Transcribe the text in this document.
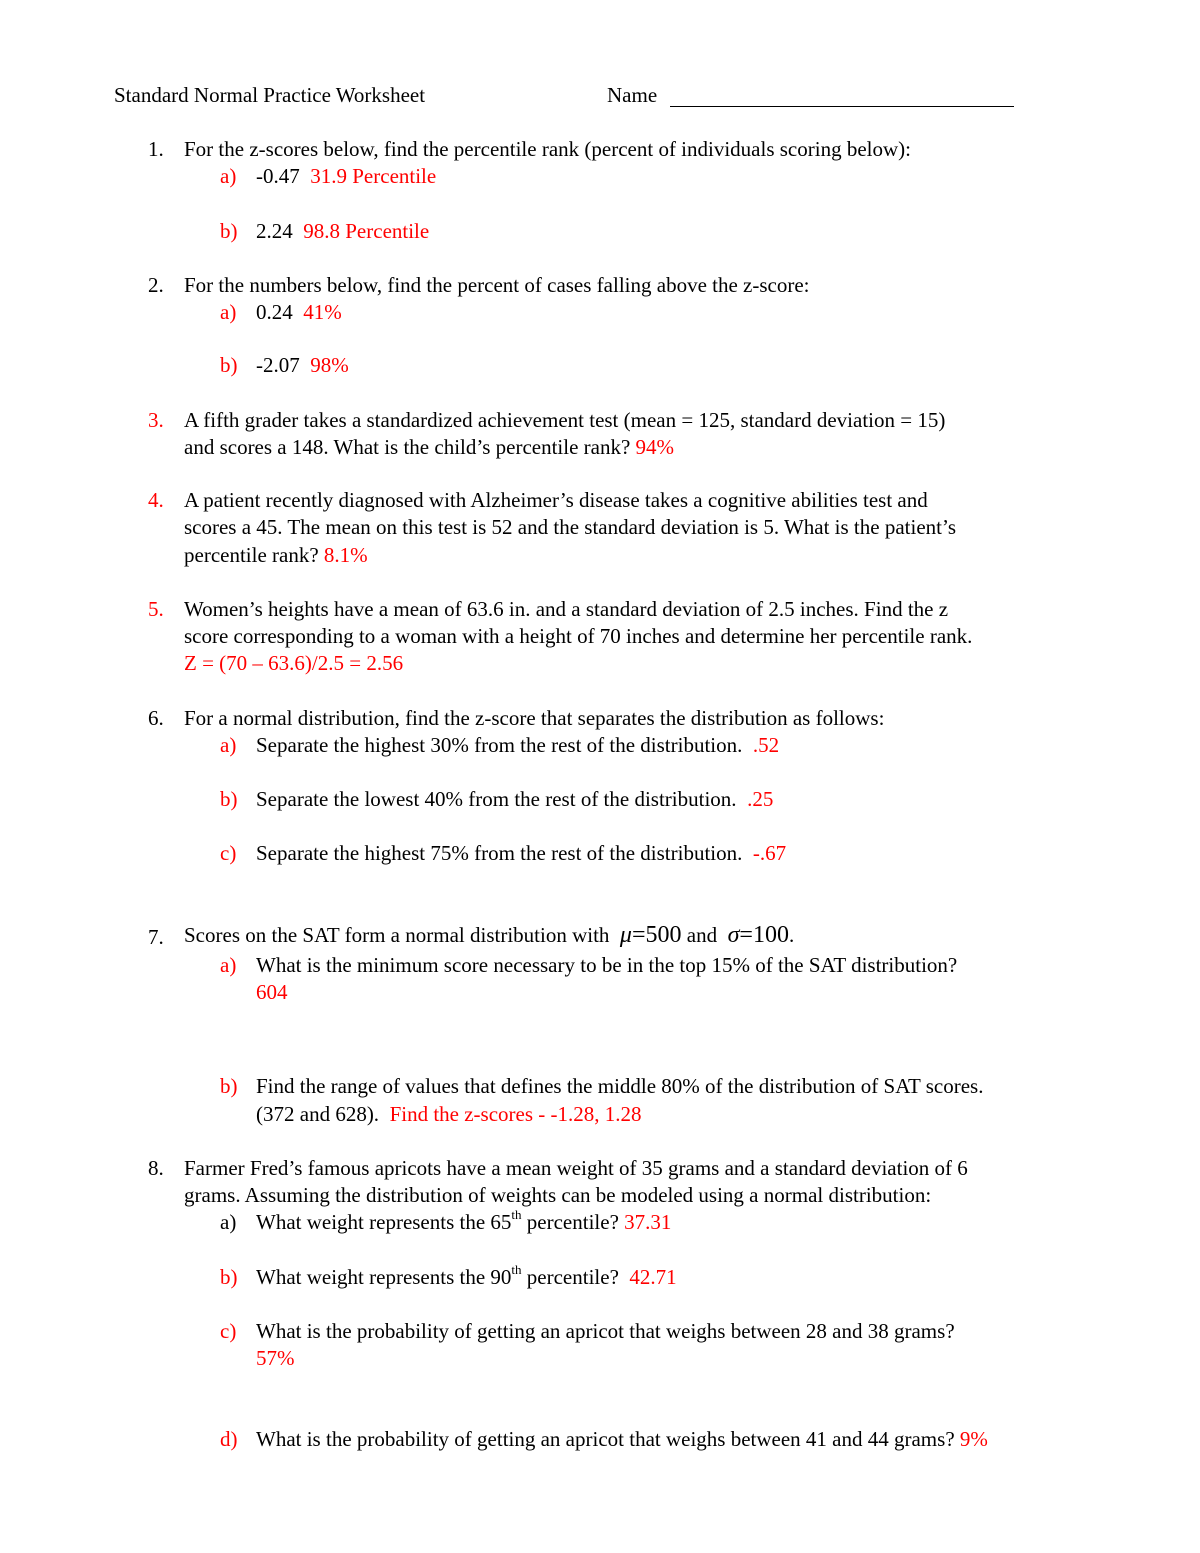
Standard Normal Practice Worksheet	Name
1. For the z-scores below, find the percentile rank (percent of individuals scoring below):
a) -0.47 31.9 Percentile
b) 2.24 98.8 Percentile
2. For the numbers below, find the percent of cases falling above the z-score:
a) 0.24 41%
b) -2.07 98%
3. A fifth grader takes a standardized achievement test (mean = 125, standard deviation = 15)
and scores a 148. What is the child’s percentile rank? 94%
4. A patient recently diagnosed with Alzheimer’s disease takes a cognitive abilities test and
scores a 45. The mean on this test is 52 and the standard deviation is 5. What is the patient’s
percentile rank? 8.1%
5. Women’s heights have a mean of 63.6 in. and a standard deviation of 2.5 inches. Find the z
score corresponding to a woman with a height of 70 inches and determine her percentile rank.
Z = (70 – 63.6)/2.5 = 2.56
6. For a normal distribution, find the z-score that separates the distribution as follows:
a) Separate the highest 30% from the rest of the distribution. .52
b) Separate the lowest 40% from the rest of the distribution. .25
c) Separate the highest 75% from the rest of the distribution. -.67
7. Scores on the SAT form a normal distribution with μ=500 and σ=100.
a) What is the minimum score necessary to be in the top 15% of the SAT distribution?
604
b) Find the range of values that defines the middle 80% of the distribution of SAT scores.
(372 and 628). Find the z-scores - -1.28, 1.28
8. Farmer Fred’s famous apricots have a mean weight of 35 grams and a standard deviation of 6
grams. Assuming the distribution of weights can be modeled using a normal distribution:
a) What weight represents the 65th percentile? 37.31
b) What weight represents the 90th percentile? 42.71
c) What is the probability of getting an apricot that weighs between 28 and 38 grams?
57%
d) What is the probability of getting an apricot that weighs between 41 and 44 grams? 9%
